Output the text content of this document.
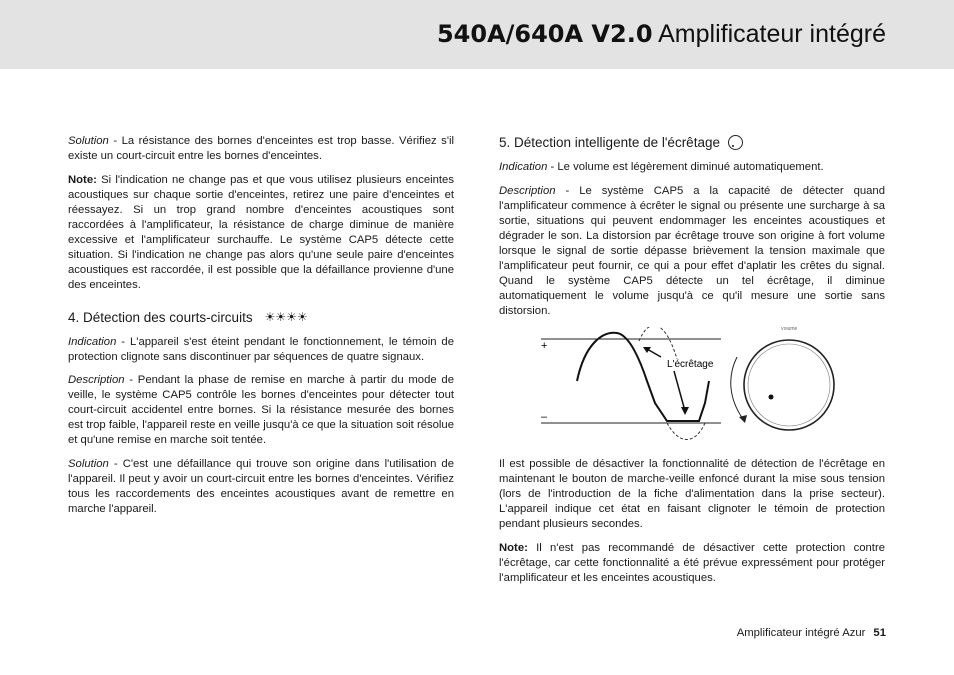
540A/640A V2.0 Amplificateur intégré

Solution - La résistance des bornes d'enceintes est trop basse. Vérifiez s'il existe un court-circuit entre les bornes d'enceintes.

Note: Si l'indication ne change pas et que vous utilisez plusieurs enceintes acoustiques sur chaque sortie d'enceintes, retirez une paire d'enceintes et réessayez. Si un trop grand nombre d'enceintes acoustiques sont raccordées à l'amplificateur, la résistance de charge diminue de manière excessive et l'amplificateur surchauffe. Le système CAP5 détecte cette situation. Si l'indication ne change pas alors qu'une seule paire d'enceintes acoustiques est raccordée, il est possible que la défaillance provienne d'une des enceintes.

4. Détection des courts-circuits ☀☀☀☀

Indication - L'appareil s'est éteint pendant le fonctionnement, le témoin de protection clignote sans discontinuer par séquences de quatre signaux.

Description - Pendant la phase de remise en marche à partir du mode de veille, le système CAP5 contrôle les bornes d'enceintes pour détecter tout court-circuit accidentel entre bornes. Si la résistance mesurée des bornes est trop faible, l'appareil reste en veille jusqu'à ce que la situation soit résolue et qu'une remise en marche soit tentée.

Solution - C'est une défaillance qui trouve son origine dans l'utilisation de l'appareil. Il peut y avoir un court-circuit entre les bornes d'enceintes. Vérifiez tous les raccordements des enceintes acoustiques avant de remettre en marche l'appareil.

5. Détection intelligente de l'écrêtage

Indication - Le volume est légèrement diminué automatiquement.

Description - Le système CAP5 a la capacité de détecter quand l'amplificateur commence à écrêter le signal ou présente une surcharge à sa sortie, situations qui peuvent endommager les enceintes acoustiques et dégrader le son. La distorsion par écrêtage trouve son origine à fort volume lorsque le signal de sortie dépasse brièvement la tension maximale que l'amplificateur peut fournir, ce qui a pour effet d'aplatir les crêtes du signal. Quand le système CAP5 détecte un tel écrêtage, il diminue automatiquement le volume jusqu'à ce qu'il mesure une sortie sans distorsion.

+
–
L'écrêtage
Volume

Il est possible de désactiver la fonctionnalité de détection de l'écrêtage en maintenant le bouton de marche-veille enfoncé durant la mise sous tension (lors de l'introduction de la fiche d'alimentation dans la prise secteur). L'appareil indique cet état en faisant clignoter le témoin de protection pendant plusieurs secondes.

Note: Il n'est pas recommandé de désactiver cette protection contre l'écrêtage, car cette fonctionnalité a été prévue expressément pour protéger l'amplificateur et les enceintes acoustiques.

Amplificateur intégré Azur 51
